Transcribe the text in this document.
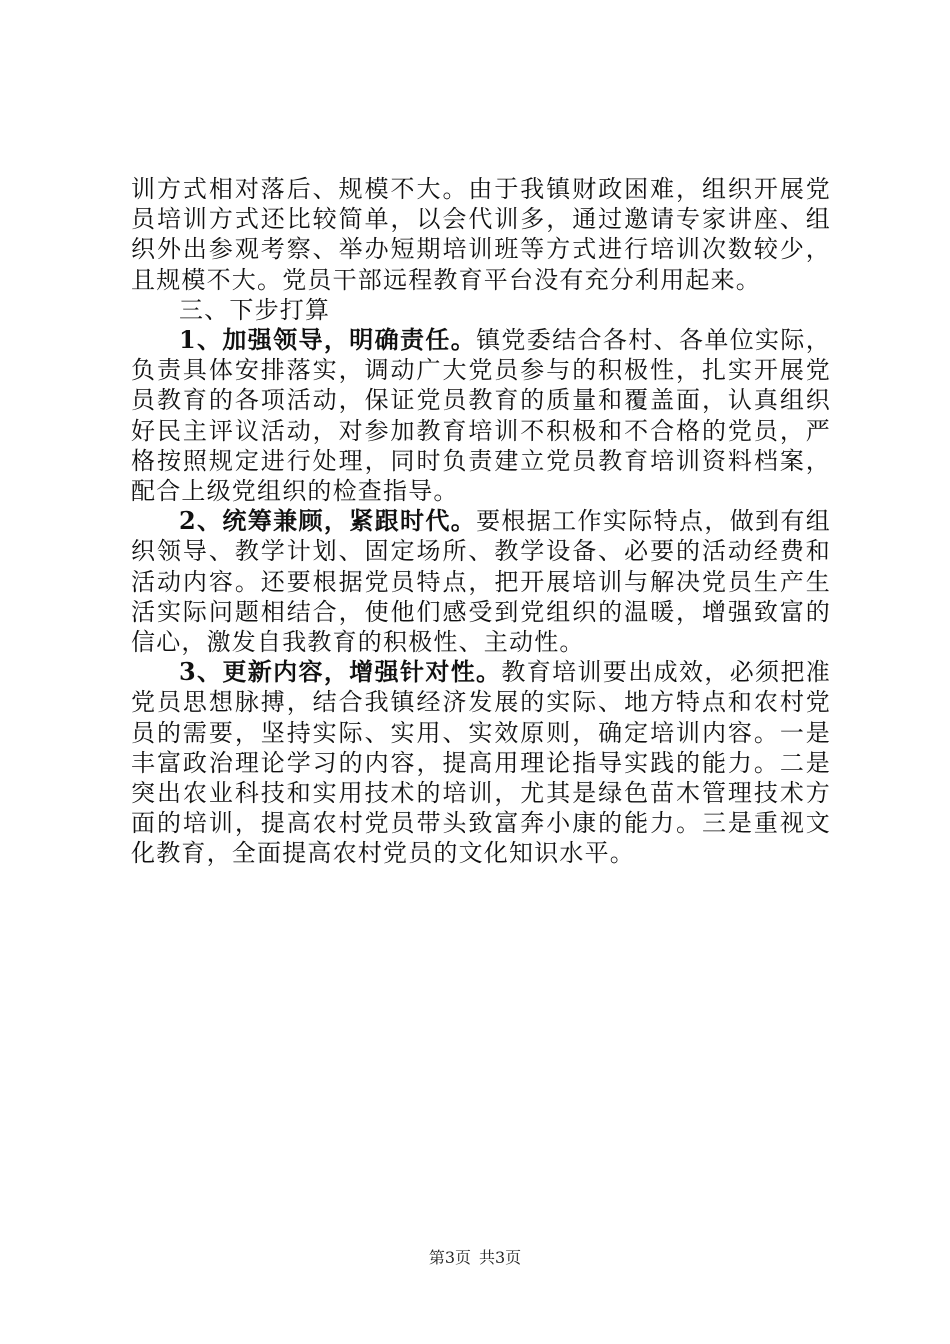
训方式相对落后、规模不大。由于我镇财政困难，组织开展党员培训方式还比较简单，以会代训多，通过邀请专家讲座、组织外出参观考察、举办短期培训班等方式进行培训次数较少，且规模不大。党员干部远程教育平台没有充分利用起来。

三、下步打算

1、加强领导，明确责任。镇党委结合各村、各单位实际，负责具体安排落实，调动广大党员参与的积极性，扎实开展党员教育的各项活动，保证党员教育的质量和覆盖面，认真组织好民主评议活动，对参加教育培训不积极和不合格的党员，严格按照规定进行处理，同时负责建立党员教育培训资料档案，配合上级党组织的检查指导。

2、统筹兼顾，紧跟时代。要根据工作实际特点，做到有组织领导、教学计划、固定场所、教学设备、必要的活动经费和活动内容。还要根据党员特点，把开展培训与解决党员生产生活实际问题相结合，使他们感受到党组织的温暖，增强致富的信心，激发自我教育的积极性、主动性。

3、更新内容，增强针对性。教育培训要出成效，必须把准党员思想脉搏，结合我镇经济发展的实际、地方特点和农村党员的需要，坚持实际、实用、实效原则，确定培训内容。一是丰富政治理论学习的内容，提高用理论指导实践的能力。二是突出农业科技和实用技术的培训，尤其是绿色苗木管理技术方面的培训，提高农村党员带头致富奔小康的能力。三是重视文化教育，全面提高农村党员的文化知识水平。

第3页 共3页
